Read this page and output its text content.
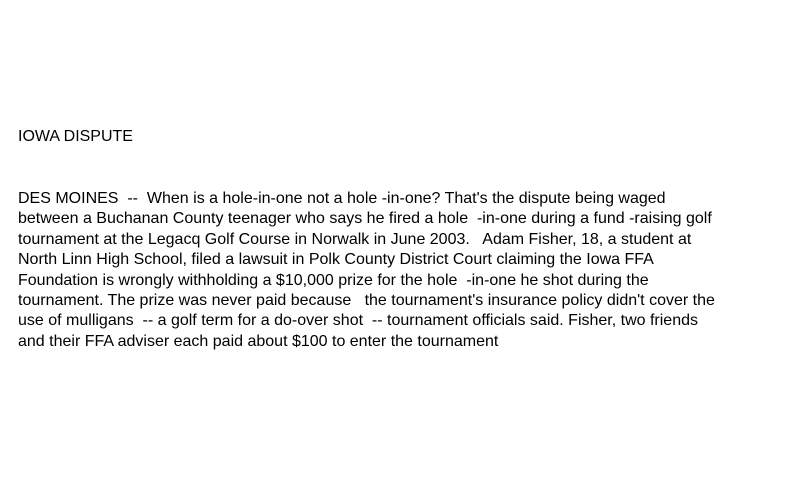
IOWA DISPUTE
DES MOINES  --  When is a hole-in-one not a hole -in-one? That's the dispute being waged
between a Buchanan County teenager who says he fired a hole  -in-one during a fund -raising golf
tournament at the Legacq Golf Course in Norwalk in June 2003.   Adam Fisher, 18, a student at
North Linn High School, filed a lawsuit in Polk County District Court claiming the Iowa FFA
Foundation is wrongly withholding a $10,000 prize for the hole  -in-one he shot during the
tournament. The prize was never paid because   the tournament's insurance policy didn't cover the
use of mulligans  -- a golf term for a do-over shot  -- tournament officials said. Fisher, two friends
and their FFA adviser each paid about $100 to enter the tournament
